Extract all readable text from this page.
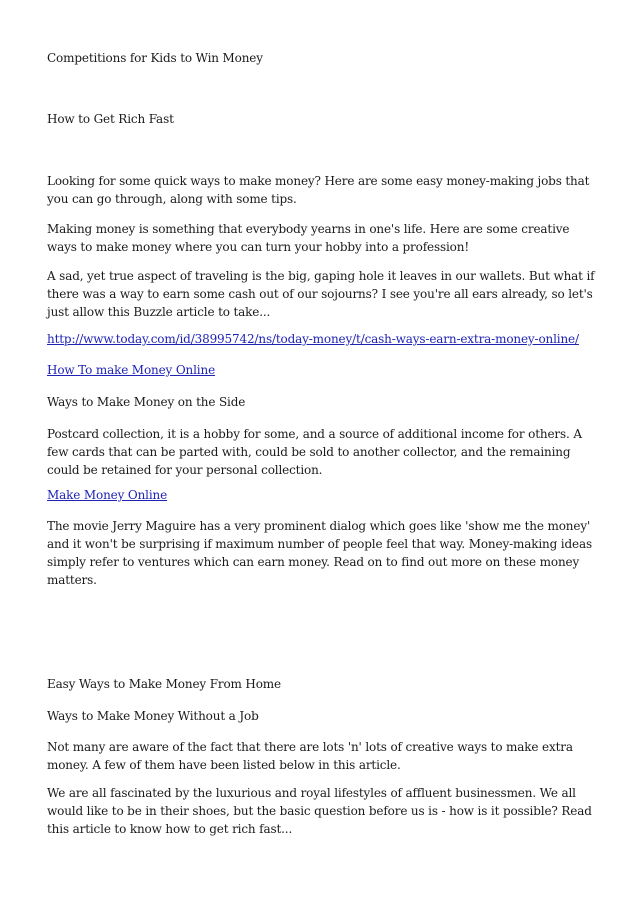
Competitions for Kids to Win Money

How to Get Rich Fast

Looking for some quick ways to make money? Here are some easy money-making jobs that you can go through, along with some tips.

Making money is something that everybody yearns in one's life. Here are some creative ways to make money where you can turn your hobby into a profession!

A sad, yet true aspect of traveling is the big, gaping hole it leaves in our wallets. But what if there was a way to earn some cash out of our sojourns? I see you're all ears already, so let's just allow this Buzzle article to take...

http://www.today.com/id/38995742/ns/today-money/t/cash-ways-earn-extra-money-online/

How To make Money Online

Ways to Make Money on the Side

Postcard collection, it is a hobby for some, and a source of additional income for others. A few cards that can be parted with, could be sold to another collector, and the remaining could be retained for your personal collection.

Make Money Online

The movie Jerry Maguire has a very prominent dialog which goes like 'show me the money' and it won't be surprising if maximum number of people feel that way. Money-making ideas simply refer to ventures which can earn money. Read on to find out more on these money matters.

Easy Ways to Make Money From Home

Ways to Make Money Without a Job

Not many are aware of the fact that there are lots 'n' lots of creative ways to make extra money. A few of them have been listed below in this article.

We are all fascinated by the luxurious and royal lifestyles of affluent businessmen. We all would like to be in their shoes, but the basic question before us is - how is it possible? Read this article to know how to get rich fast...
